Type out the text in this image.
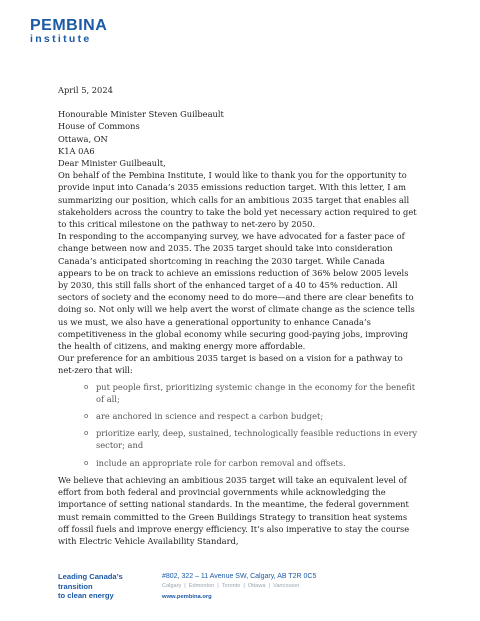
PEMBINA
institute

April 5, 2024

Honourable Minister Steven Guilbeault

House of Commons

Ottawa, ON

K1A 0A6

Dear Minister Guilbeault,

On behalf of the Pembina Institute, I would like to thank you for the opportunity to provide input into Canada’s 2035 emissions reduction target. With this letter, I am summarizing our position, which calls for an ambitious 2035 target that enables all stakeholders across the country to take the bold yet necessary action required to get to this critical milestone on the pathway to net-zero by 2050.

In responding to the accompanying survey, we have advocated for a faster pace of change between now and 2035. The 2035 target should take into consideration Canada’s anticipated shortcoming in reaching the 2030 target. While Canada appears to be on track to achieve an emissions reduction of 36% below 2005 levels by 2030, this still falls short of the enhanced target of a 40 to 45% reduction. All sectors of society and the economy need to do more—and there are clear benefits to doing so. Not only will we help avert the worst of climate change as the science tells us we must, we also have a generational opportunity to enhance Canada’s competitiveness in the global economy while securing good-paying jobs, improving the health of citizens, and making energy more affordable.

Our preference for an ambitious 2035 target is based on a vision for a pathway to net-zero that will:

o put people first, prioritizing systemic change in the economy for the benefit of all;
o are anchored in science and respect a carbon budget;
o prioritize early, deep, sustained, technologically feasible reductions in every sector; and
o include an appropriate role for carbon removal and offsets.

We believe that achieving an ambitious 2035 target will take an equivalent level of effort from both federal and provincial governments while acknowledging the importance of setting national standards. In the meantime, the federal government must remain committed to the Green Buildings Strategy to transition heat systems off fossil fuels and improve energy efficiency. It’s also imperative to stay the course with Electric Vehicle Availability Standard,

Leading Canada’s transition
to clean energy
#802, 322 – 11 Avenue SW, Calgary, AB T2R 0C5
Calgary | Edmonton | Toronto | Ottawa | Vancouver
www.pembina.org
